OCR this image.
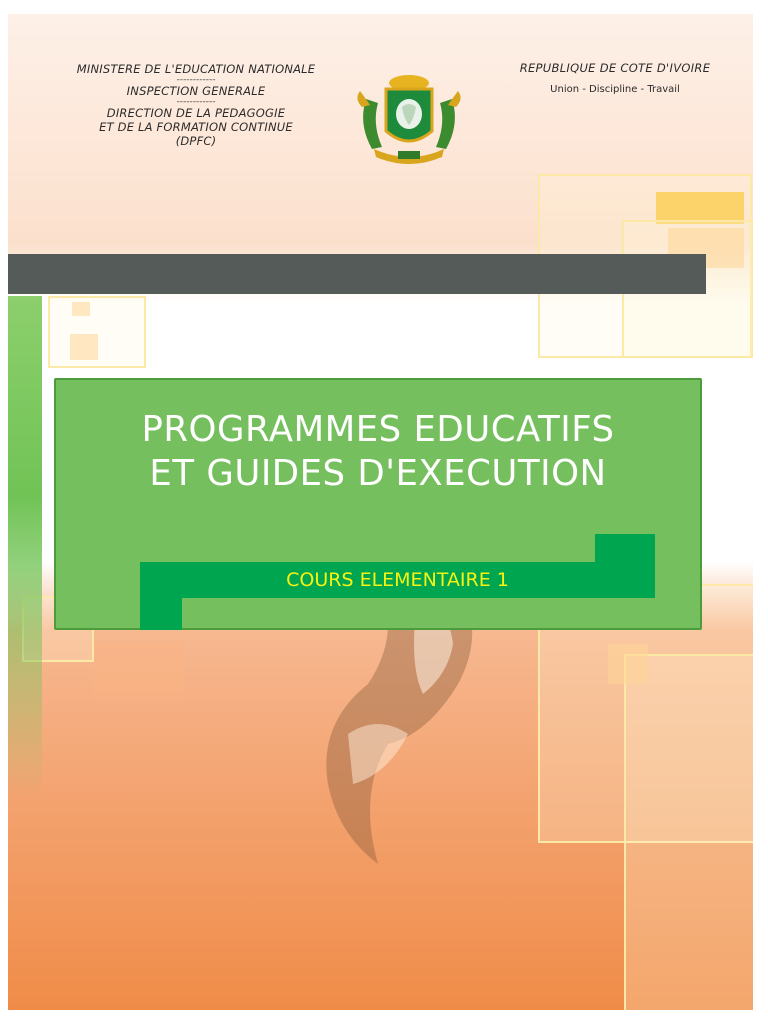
MINISTERE DE L'EDUCATION NATIONALE
------------
INSPECTION GENERALE
------------
DIRECTION DE LA PEDAGOGIE
ET DE LA FORMATION CONTINUE
(DPFC)
REPUBLIQUE DE COTE D'IVOIRE
Union - Discipline - Travail
PROGRAMMES EDUCATIFS
ET GUIDES D'EXECUTION
COURS ELEMENTAIRE 1
